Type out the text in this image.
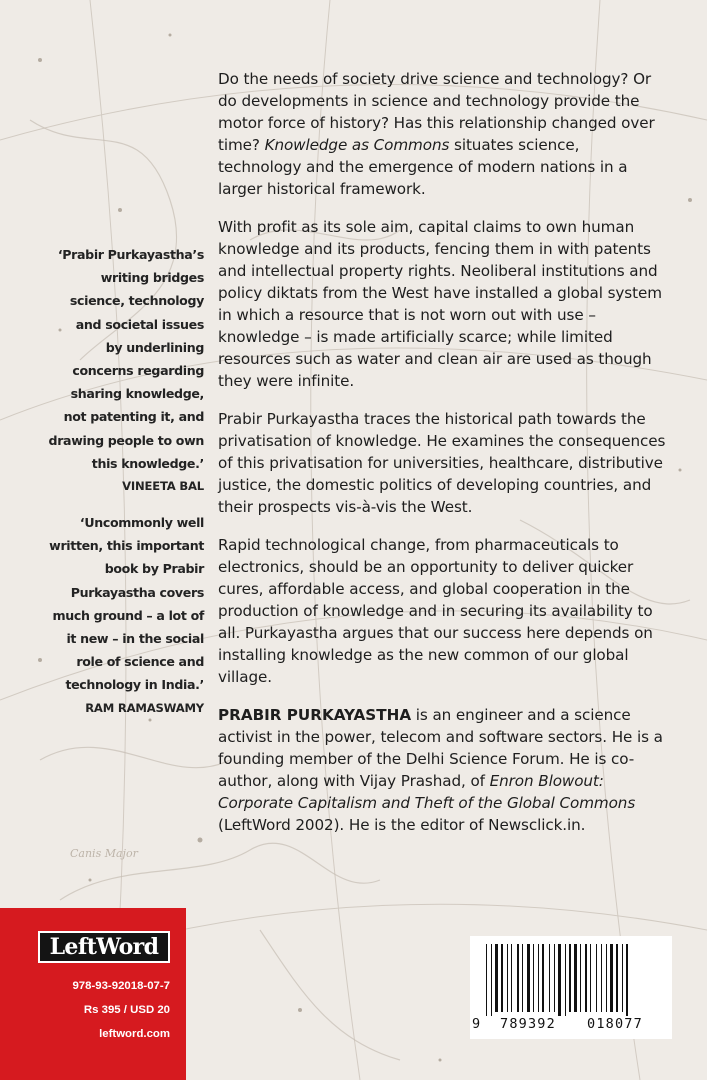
Canis Major

Do the needs of society drive science and technology? Or do developments in science and technology provide the motor force of history? Has this relationship changed over time? Knowledge as Commons situates science, technology and the emergence of modern nations in a larger historical framework.

With profit as its sole aim, capital claims to own human knowledge and its products, fencing them in with patents and intellectual property rights. Neoliberal institutions and policy diktats from the West have installed a global system in which a resource that is not worn out with use – knowledge – is made artificially scarce; while limited resources such as water and clean air are used as though they were infinite.

Prabir Purkayastha traces the historical path towards the privatisation of knowledge. He examines the consequences of this privatisation for universities, healthcare, distributive justice, the domestic politics of developing countries, and their prospects vis-à-vis the West.

Rapid technological change, from pharmaceuticals to electronics, should be an opportunity to deliver quicker cures, affordable access, and global cooperation in the production of knowledge and in securing its availability to all. Purkayastha argues that our success here depends on installing knowledge as the new common of our global village.

PRABIR PURKAYASTHA is an engineer and a science activist in the power, telecom and software sectors. He is a founding member of the Delhi Science Forum. He is co-author, along with Vijay Prashad, of Enron Blowout: Corporate Capitalism and Theft of the Global Commons (LeftWord 2002). He is the editor of Newsclick.in.

‘Prabir Purkayastha’s
writing bridges
science, technology
and societal issues
by underlining
concerns regarding
sharing knowledge,
not patenting it, and
drawing people to own
this knowledge.’

VINEETA BAL

‘Uncommonly well
written, this important
book by Prabir
Purkayastha covers
much ground – a lot of
it new – in the social
role of science and
technology in India.’

RAM RAMASWAMY

LeftWord
978-93-92018-07-7
Rs 395 / USD 20
leftword.com
9 789392 018077
